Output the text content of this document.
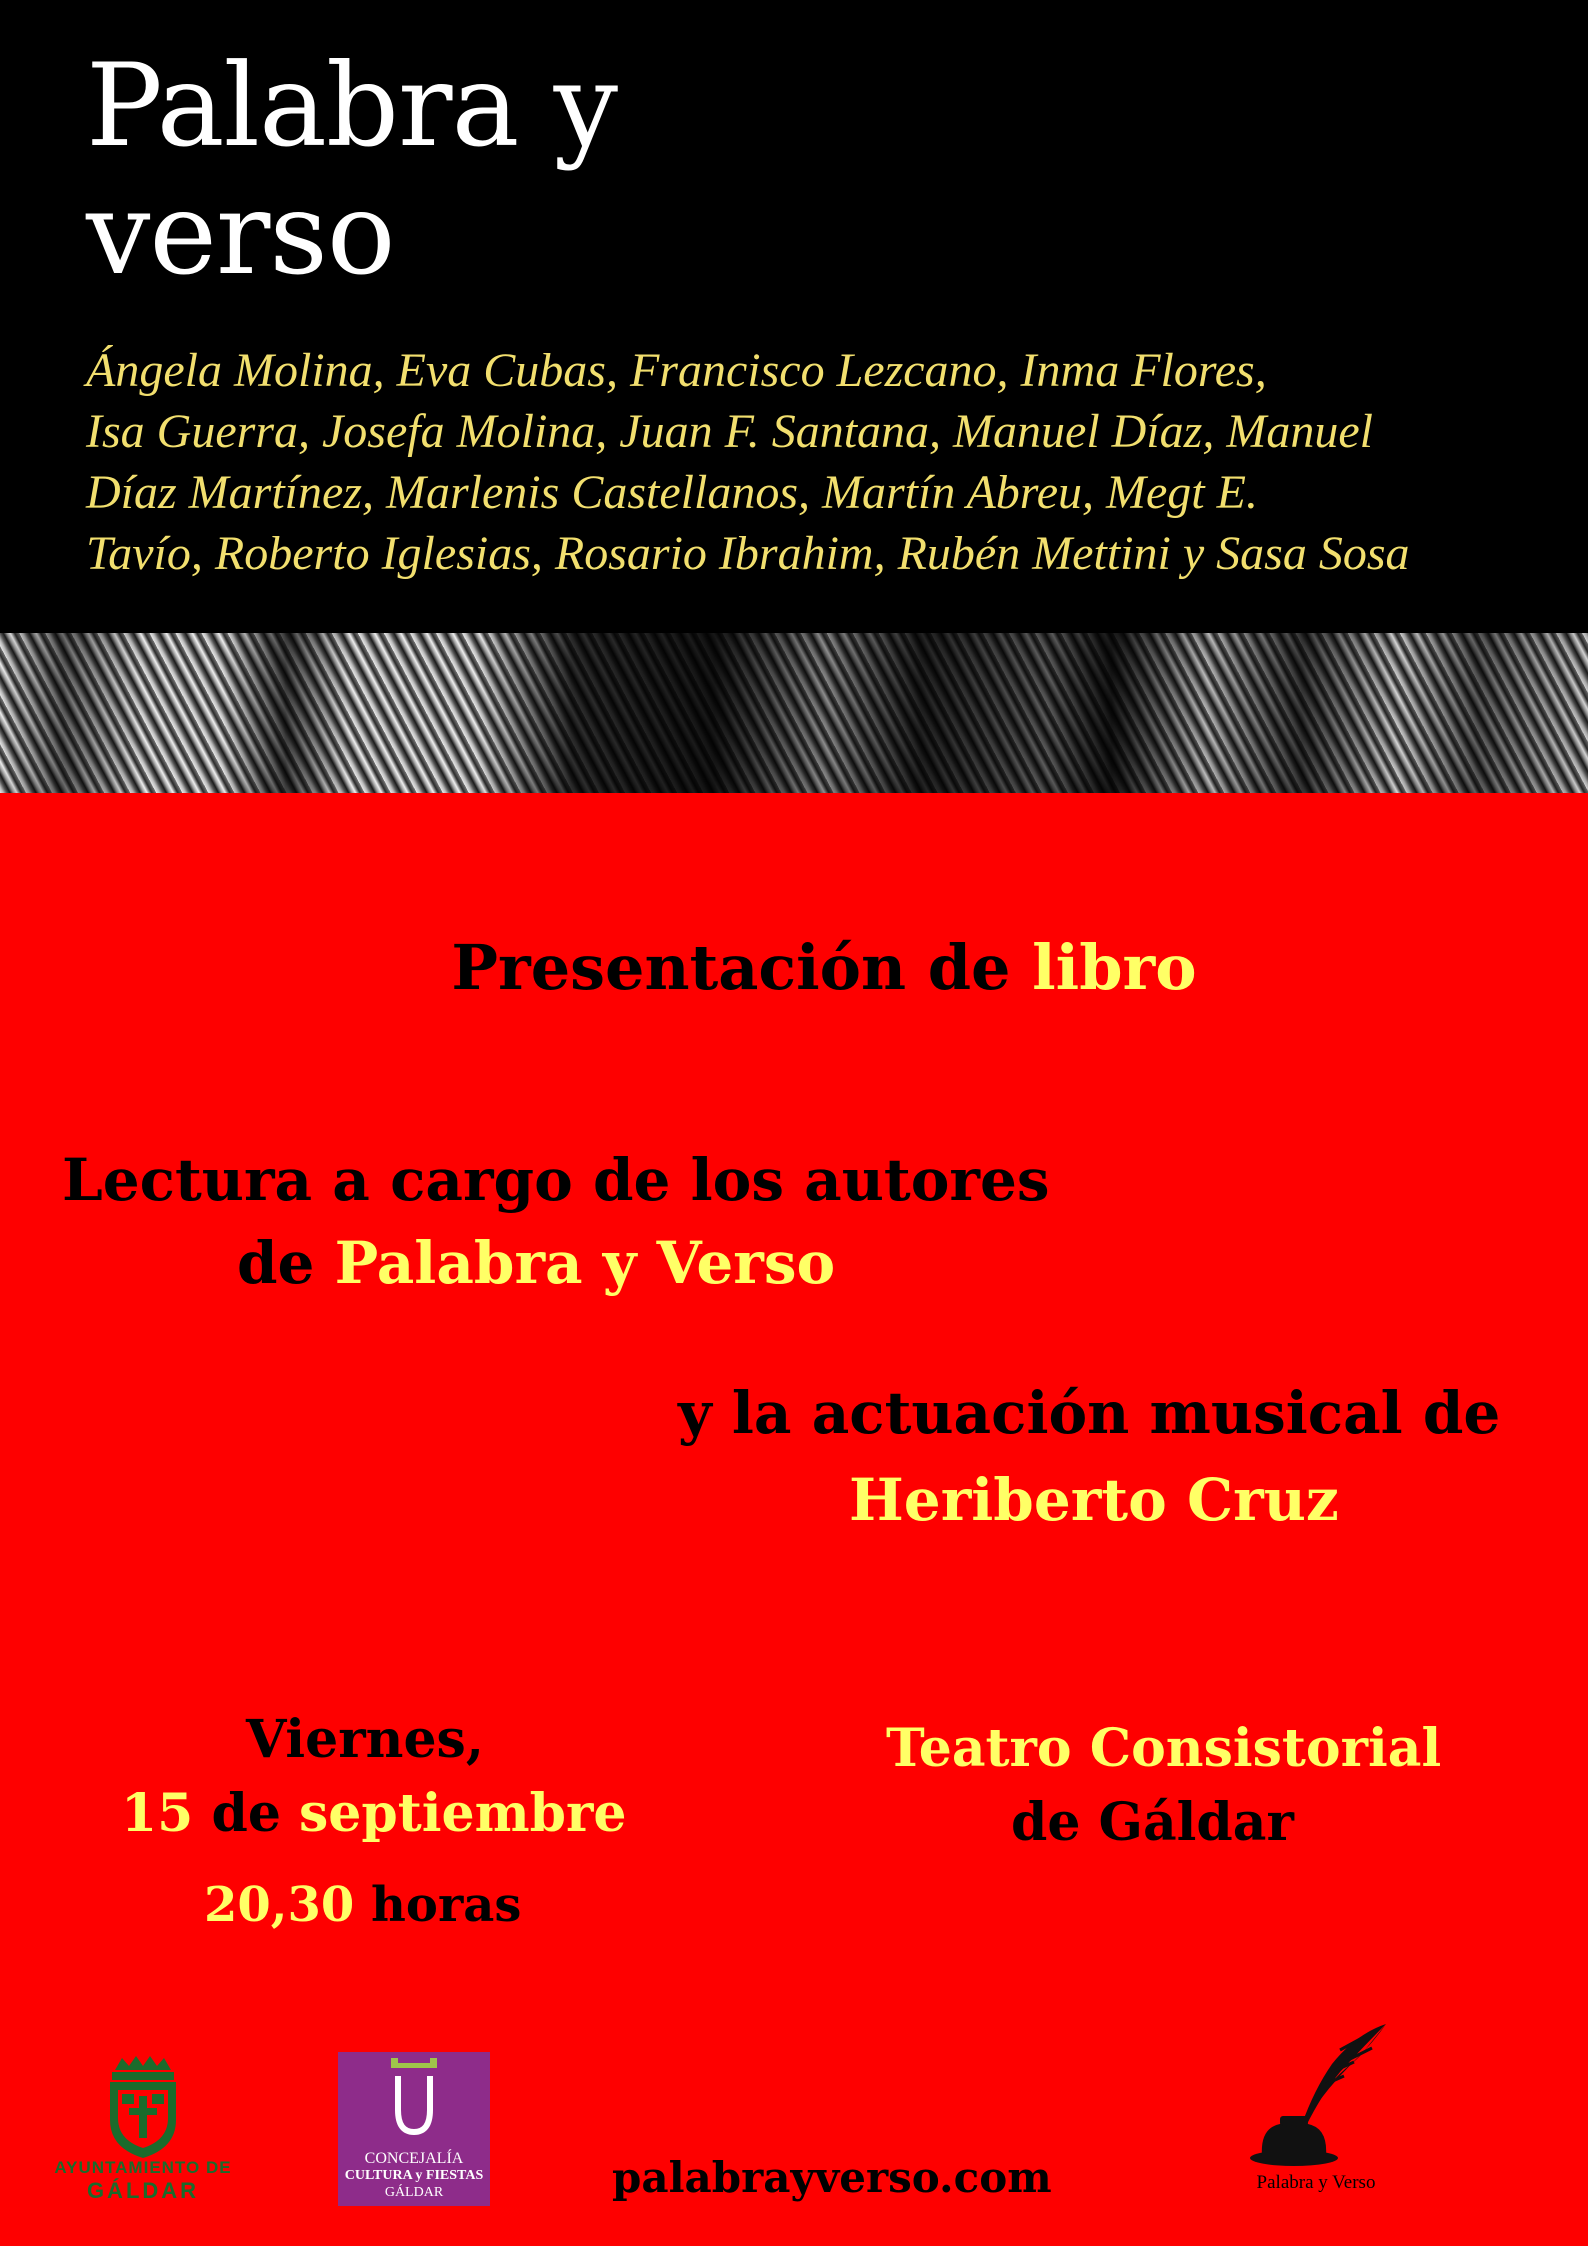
Palabra y
verso

Ángela Molina, Eva Cubas, Francisco Lezcano, Inma Flores,
Isa Guerra, Josefa Molina, Juan F. Santana, Manuel Díaz, Manuel
Díaz Martínez, Marlenis Castellanos, Martín Abreu, Megt E.
Tavío, Roberto Iglesias, Rosario Ibrahim, Rubén Mettini y Sasa Sosa

Presentación de libro

Lectura a cargo de los autores

de Palabra y Verso

y la actuación musical de

Heriberto Cruz

Viernes,

15 de septiembre

20,30 horas

Teatro Consistorial

de Gáldar

AYUNTAMIENTO DE

GÁLDAR

CONCEJALÍA

CULTURA y FIESTAS

GÁLDAR	palabrayverso.com	Palabra y Verso
